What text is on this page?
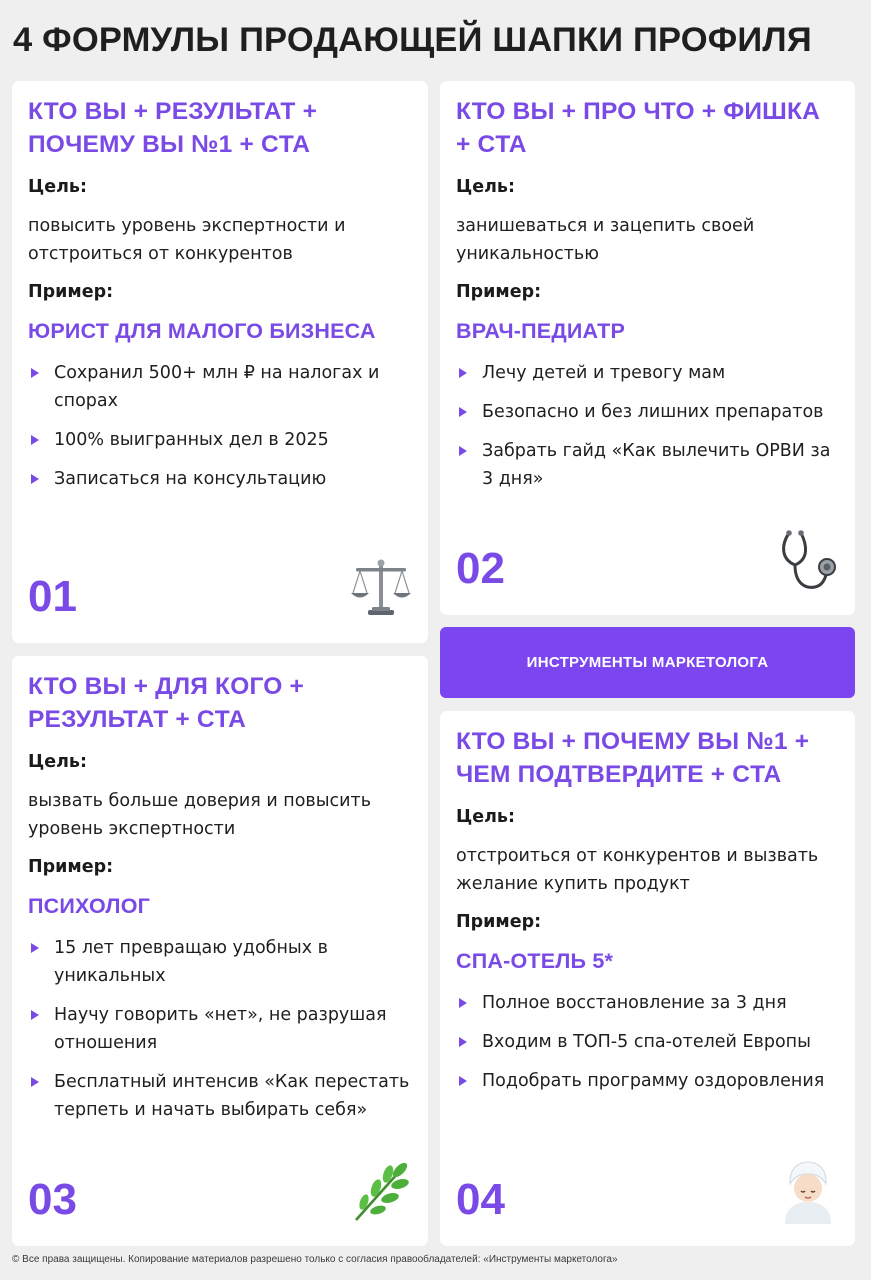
4 ФОРМУЛЫ ПРОДАЮЩЕЙ ШАПКИ ПРОФИЛЯ
КТО ВЫ + РЕЗУЛЬТАТ + ПОЧЕМУ ВЫ №1 + CTA
Цель:
повысить уровень экспертности и отстроиться от конкурентов
Пример:
ЮРИСТ ДЛЯ МАЛОГО БИЗНЕСА
Сохранил 500+ млн ₽ на налогах и спорах
100% выигранных дел в 2025
Записаться на консультацию
01
КТО ВЫ + ПРО ЧТО + ФИШКА + CTA
Цель:
занишеваться и зацепить своей уникальностью
Пример:
ВРАЧ-ПЕДИАТР
Лечу детей и тревогу мам
Безопасно и без лишних препаратов
Забрать гайд «Как вылечить ОРВИ за 3 дня»
02
ИНСТРУМЕНТЫ МАРКЕТОЛОГА
КТО ВЫ + ДЛЯ КОГО + РЕЗУЛЬТАТ + CTA
Цель:
вызвать больше доверия и повысить уровень экспертности
Пример:
ПСИХОЛОГ
15 лет превращаю удобных в уникальных
Научу говорить «нет», не разрушая отношения
Бесплатный интенсив «Как перестать терпеть и начать выбирать себя»
03
КТО ВЫ + ПОЧЕМУ ВЫ №1 + ЧЕМ ПОДТВЕРДИТЕ + CTA
Цель:
отстроиться от конкурентов и вызвать желание купить продукт
Пример:
СПА-ОТЕЛЬ 5*
Полное восстановление за 3 дня
Входим в ТОП-5 спа-отелей Европы
Подобрать программу оздоровления
04
© Все права защищены. Копирование материалов разрешено только с согласия правообладателей: «Инструменты маркетолога»
